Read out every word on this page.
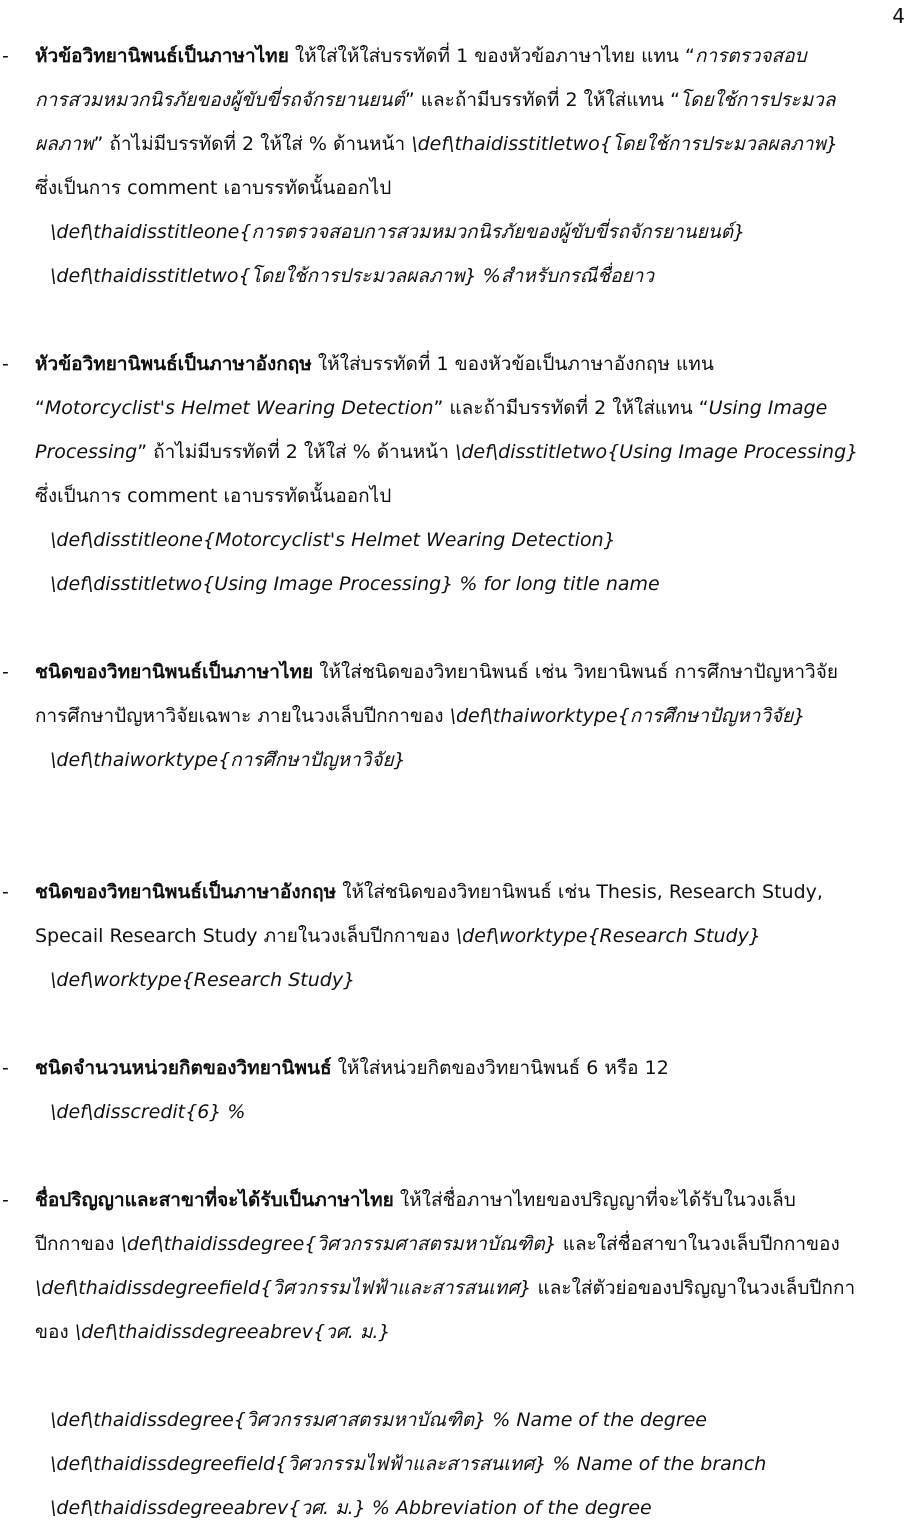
4
- หัวข้อวิทยานิพนธ์เป็นภาษาไทย ให้ใส่ให้ใส่บรรทัดที่ 1 ของหัวข้อภาษาไทย แทน “การตรวจสอบ
การสวมหมวกนิรภัยของผู้ขับขี่รถจักรยานยนต์” และถ้ามีบรรทัดที่ 2 ให้ใส่แทน “โดยใช้การประมวล
ผลภาพ” ถ้าไม่มีบรรทัดที่ 2 ให้ใส่ % ด้านหน้า \def\thaidisstitletwo{โดยใช้การประมวลผลภาพ}
ซึ่งเป็นการ comment เอาบรรทัดนั้นออกไป
\def\thaidisstitleone{การตรวจสอบการสวมหมวกนิรภัยของผู้ขับขี่รถจักรยานยนต์}
\def\thaidisstitletwo{โดยใช้การประมวลผลภาพ} %สำหรับกรณีชื่อยาว
- หัวข้อวิทยานิพนธ์เป็นภาษาอังกฤษ ให้ใส่บรรทัดที่ 1 ของหัวข้อเป็นภาษาอังกฤษ แทน
“Motorcyclist's Helmet Wearing Detection” และถ้ามีบรรทัดที่ 2 ให้ใส่แทน “Using Image
Processing” ถ้าไม่มีบรรทัดที่ 2 ให้ใส่ % ด้านหน้า \def\disstitletwo{Using Image Processing}
ซึ่งเป็นการ comment เอาบรรทัดนั้นออกไป
\def\disstitleone{Motorcyclist's Helmet Wearing Detection}
\def\disstitletwo{Using Image Processing} % for long title name
- ชนิดของวิทยานิพนธ์เป็นภาษาไทย ให้ใส่ชนิดของวิทยานิพนธ์ เช่น วิทยานิพนธ์ การศึกษาปัญหาวิจัย
การศึกษาปัญหาวิจัยเฉพาะ ภายในวงเล็บปีกกาของ \def\thaiworktype{การศึกษาปัญหาวิจัย}
\def\thaiworktype{การศึกษาปัญหาวิจัย}
- ชนิดของวิทยานิพนธ์เป็นภาษาอังกฤษ ให้ใส่ชนิดของวิทยานิพนธ์ เช่น Thesis, Research Study,
Specail Research Study ภายในวงเล็บปีกกาของ \def\worktype{Research Study}
\def\worktype{Research Study}
- ชนิดจำนวนหน่วยกิตของวิทยานิพนธ์ ให้ใส่หน่วยกิตของวิทยานิพนธ์ 6 หรือ 12
\def\disscredit{6} %
- ชื่อปริญญาและสาขาที่จะได้รับเป็นภาษาไทย ให้ใส่ชื่อภาษาไทยของปริญญาที่จะได้รับในวงเล็บ
ปีกกาของ \def\thaidissdegree{วิศวกรรมศาสตรมหาบัณฑิต} และใส่ชื่อสาขาในวงเล็บปีกกาของ
\def\thaidissdegreefield{วิศวกรรมไฟฟ้าและสารสนเทศ} และใส่ตัวย่อของปริญญาในวงเล็บปีกกา
ของ \def\thaidissdegreeabrev{วศ. ม.}
\def\thaidissdegree{วิศวกรรมศาสตรมหาบัณฑิต} % Name of the degree
\def\thaidissdegreefield{วิศวกรรมไฟฟ้าและสารสนเทศ} % Name of the branch
\def\thaidissdegreeabrev{วศ. ม.} % Abbreviation of the degree
